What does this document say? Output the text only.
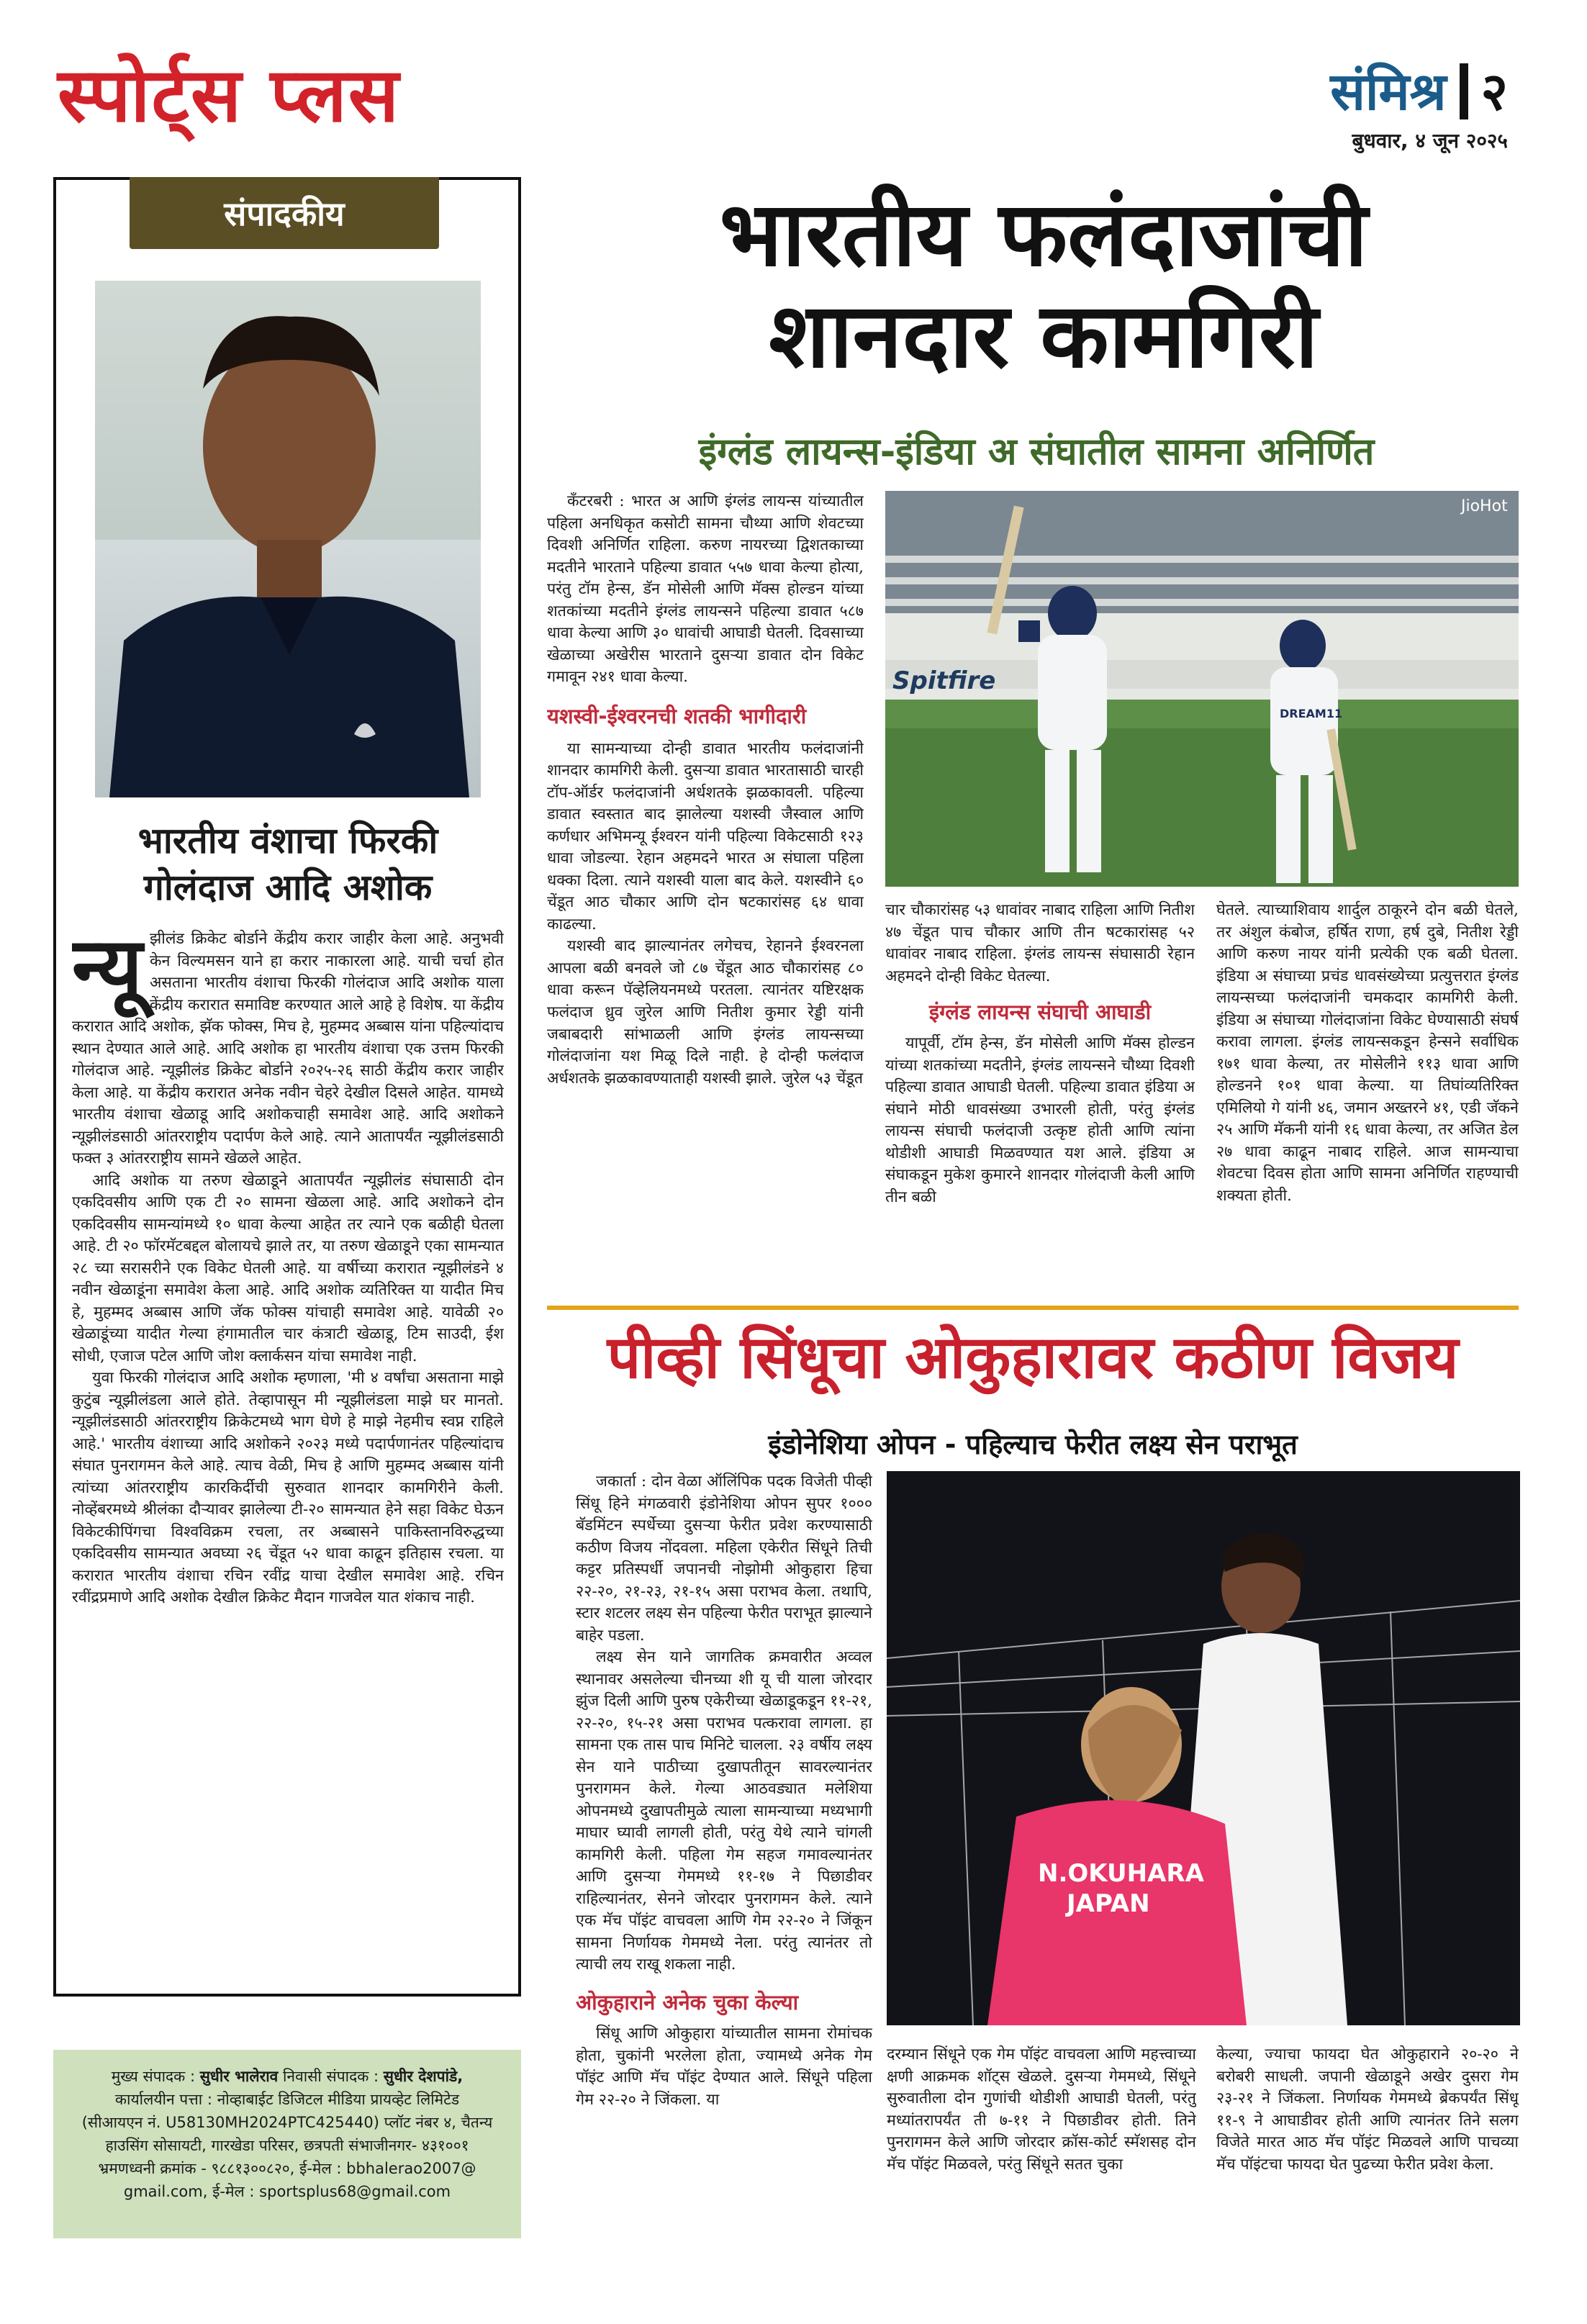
स्पोर्ट्स प्लस	संमिश्र २
बुधवार, ४ जून २०२५
संपादकीय
भारतीय वंशाचा फिरकी
गोलंदाज आदि अशोक

न्यू झीलंड क्रिकेट बोर्डाने केंद्रीय करार जाहीर केला आहे. अनुभवी केन विल्यमसन याने हा करार नाकारला आहे. याची चर्चा होत असताना भारतीय वंशाचा फिरकी गोलंदाज आदि अशोक याला केंद्रीय करारात समाविष्ट करण्यात आले आहे हे विशेष. या केंद्रीय करारात आदि अशोक, झॅक फोक्स, मिच हे, मुहम्मद अब्बास यांना पहिल्यांदाच स्थान देण्यात आले आहे. आदि अशोक हा भारतीय वंशाचा एक उत्तम फिरकी गोलंदाज आहे. न्यूझीलंड क्रिकेट बोर्डाने २०२५-२६ साठी केंद्रीय करार जाहीर केला आहे. या केंद्रीय करारात अनेक नवीन चेहरे देखील दिसले आहेत. यामध्ये भारतीय वंशाचा खेळाडू आदि अशोकचाही समावेश आहे. आदि अशोकने न्यूझीलंडसाठी आंतरराष्ट्रीय पदार्पण केले आहे. त्याने आतापर्यंत न्यूझीलंडसाठी फक्त ३ आंतरराष्ट्रीय सामने खेळले आहेत.

आदि अशोक या तरुण खेळाडूने आतापर्यंत न्यूझीलंड संघासाठी दोन एकदिवसीय आणि एक टी २० सामना खेळला आहे. आदि अशोकने दोन एकदिवसीय सामन्यांमध्ये १० धावा केल्या आहेत तर त्याने एक बळीही घेतला आहे. टी २० फॉरमॅटबद्दल बोलायचे झाले तर, या तरुण खेळाडूने एका सामन्यात २८ च्या सरासरीने एक विकेट घेतली आहे. या वर्षीच्या करारात न्यूझीलंडने ४ नवीन खेळाडूंना समावेश केला आहे. आदि अशोक व्यतिरिक्त या यादीत मिच हे, मुहम्मद अब्बास आणि जॅक फोक्स यांचाही समावेश आहे. यावेळी २० खेळाडूंच्या यादीत गेल्या हंगामातील चार कंत्राटी खेळाडू, टिम साउदी, ईश सोधी, एजाज पटेल आणि जोश क्लार्कसन यांचा समावेश नाही.

युवा फिरकी गोलंदाज आदि अशोक म्हणाला, 'मी ४ वर्षांचा असताना माझे कुटुंब न्यूझीलंडला आले होते. तेव्हापासून मी न्यूझीलंडला माझे घर मानतो. न्यूझीलंडसाठी आंतरराष्ट्रीय क्रिकेटमध्ये भाग घेणे हे माझे नेहमीच स्वप्न राहिले आहे.' भारतीय वंशाच्या आदि अशोकने २०२३ मध्ये पदार्पणानंतर पहिल्यांदाच संघात पुनरागमन केले आहे. त्याच वेळी, मिच हे आणि मुहम्मद अब्बास यांनी त्यांच्या आंतरराष्ट्रीय कारकिर्दीची सुरुवात शानदार कामगिरीने केली. नोव्हेंबरमध्ये श्रीलंका दौऱ्यावर झालेल्या टी-२० सामन्यात हेने सहा विकेट घेऊन विकेटकीपिंगचा विश्वविक्रम रचला, तर अब्बासने पाकिस्तानविरुद्धच्या एकदिवसीय सामन्यात अवघ्या २६ चेंडूत ५२ धावा काढून इतिहास रचला. या करारात भारतीय वंशाचा रचिन रवींद्र याचा देखील समावेश आहे. रचिन रवींद्रप्रमाणे आदि अशोक देखील क्रिकेट मैदान गाजवेल यात शंकाच नाही.

मुख्य संपादक : सुधीर भालेराव निवासी संपादक : सुधीर देशपांडे,
कार्यालयीन पत्ता : नोव्हाबाईट डिजिटल मीडिया प्रायव्हेट लिमिटेड
(सीआयएन नं. U58130MH2024PTC425440) प्लॉट नंबर ४, चैतन्य
हाउसिंग सोसायटी, गारखेडा परिसर, छत्रपती संभाजीनगर- ४३१००१
भ्रमणध्वनी क्रमांक - ९८८१३००८२०, ई-मेल : bbhalerao2007@
gmail.com, ई-मेल : sportsplus68@gmail.com
भारतीय फलंदाजांची
शानदार कामगिरी
इंग्लंड लायन्स-इंडिया अ संघातील सामना अनिर्णित
Spitfire
JioHot
DREAM11

कँटरबरी : भारत अ आणि इंग्लंड लायन्स यांच्यातील पहिला अनधिकृत कसोटी सामना चौथ्या आणि शेवटच्या दिवशी अनिर्णित राहिला. करुण नायरच्या द्विशतकाच्या मदतीने भारताने पहिल्या डावात ५५७ धावा केल्या होत्या, परंतु टॉम हेन्स, डॅन मोसेली आणि मॅक्स होल्डन यांच्या शतकांच्या मदतीने इंग्लंड लायन्सने पहिल्या डावात ५८७ धावा केल्या आणि ३० धावांची आघाडी घेतली. दिवसाच्या खेळाच्या अखेरीस भारताने दुसऱ्या डावात दोन विकेट गमावून २४१ धावा केल्या.

यशस्वी-ईश्वरनची शतकी भागीदारी

या सामन्याच्या दोन्ही डावात भारतीय फलंदाजांनी शानदार कामगिरी केली. दुसऱ्या डावात भारतासाठी चारही टॉप-ऑर्डर फलंदाजांनी अर्धशतके झळकावली. पहिल्या डावात स्वस्तात बाद झालेल्या यशस्वी जैस्वाल आणि कर्णधार अभिमन्यू ईश्वरन यांनी पहिल्या विकेटसाठी १२३ धावा जोडल्या. रेहान अहमदने भारत अ संघाला पहिला धक्का दिला. त्याने यशस्वी याला बाद केले. यशस्वीने ६० चेंडूत आठ चौकार आणि दोन षटकारांसह ६४ धावा काढल्या.

यशस्वी बाद झाल्यानंतर लगेचच, रेहानने ईश्वरनला आपला बळी बनवले जो ८७ चेंडूत आठ चौकारांसह ८० धावा करून पॅव्हेलियनमध्ये परतला. त्यानंतर यष्टिरक्षक फलंदाज ध्रुव जुरेल आणि नितीश कुमार रेड्डी यांनी जबाबदारी सांभाळली आणि इंग्लंड लायन्सच्या गोलंदाजांना यश मिळू दिले नाही. हे दोन्ही फलंदाज अर्धशतके झळकावण्याताही यशस्वी झाले. जुरेल ५३ चेंडूत

चार चौकारांसह ५३ धावांवर नाबाद राहिला आणि नितीश ४७ चेंडूत पाच चौकार आणि तीन षटकारांसह ५२ धावांवर नाबाद राहिला. इंग्लंड लायन्स संघासाठी रेहान अहमदने दोन्ही विकेट घेतल्या.

इंग्लंड लायन्स संघाची आघाडी

यापूर्वी, टॉम हेन्स, डॅन मोसेली आणि मॅक्स होल्डन यांच्या शतकांच्या मदतीने, इंग्लंड लायन्सने चौथ्या दिवशी पहिल्या डावात आघाडी घेतली. पहिल्या डावात इंडिया अ संघाने मोठी धावसंख्या उभारली होती, परंतु इंग्लंड लायन्स संघाची फलंदाजी उत्कृष्ट होती आणि त्यांना थोडीशी आघाडी मिळवण्यात यश आले. इंडिया अ संघाकडून मुकेश कुमारने शानदार गोलंदाजी केली आणि तीन बळी

घेतले. त्याच्याशिवाय शार्दुल ठाकूरने दोन बळी घेतले, तर अंशुल कंबोज, हर्षित राणा, हर्ष दुबे, नितीश रेड्डी आणि करुण नायर यांनी प्रत्येकी एक बळी घेतला. इंडिया अ संघाच्या प्रचंड धावसंख्येच्या प्रत्युत्तरात इंग्लंड लायन्सच्या फलंदाजांनी चमकदार कामगिरी केली. इंडिया अ संघाच्या गोलंदाजांना विकेट घेण्यासाठी संघर्ष करावा लागला. इंग्लंड लायन्सकडून हेन्सने सर्वाधिक १७१ धावा केल्या, तर मोसेलीने ११३ धावा आणि होल्डनने १०१ धावा केल्या. या तिघांव्यतिरिक्त एमिलियो गे यांनी ४६, जमान अख्तरने ४१, एडी जॅकने २५ आणि मॅकनी यांनी १६ धावा केल्या, तर अजित डेल २७ धावा काढून नाबाद राहिले. आज सामन्याचा शेवटचा दिवस होता आणि सामना अनिर्णित राहण्याची शक्यता होती.

पीव्ही सिंधूचा ओकुहारावर कठीण विजय
इंडोनेशिया ओपन - पहिल्याच फेरीत लक्ष्य सेन पराभूत
N.OKUHARA
JAPAN

जकार्ता : दोन वेळा ऑलिंपिक पदक विजेती पीव्ही सिंधू हिने मंगळवारी इंडोनेशिया ओपन सुपर १००० बॅडमिंटन स्पर्धेच्या दुसऱ्या फेरीत प्रवेश करण्यासाठी कठीण विजय नोंदवला. महिला एकेरीत सिंधूने तिची कट्टर प्रतिस्पर्धी जपानची नोझोमी ओकुहारा हिचा २२-२०, २१-२३, २१-१५ असा पराभव केला. तथापि, स्टार शटलर लक्ष्य सेन पहिल्या फेरीत पराभूत झाल्याने बाहेर पडला.

लक्ष्य सेन याने जागतिक क्रमवारीत अव्वल स्थानावर असलेल्या चीनच्या शी यू ची याला जोरदार झुंज दिली आणि पुरुष एकेरीच्या खेळाडूकडून ११-२१, २२-२०, १५-२१ असा पराभव पत्करावा लागला. हा सामना एक तास पाच मिनिटे चालला. २३ वर्षीय लक्ष्य सेन याने पाठीच्या दुखापतीतून सावरल्यानंतर पुनरागमन केले. गेल्या आठवड्यात मलेशिया ओपनमध्ये दुखापतीमुळे त्याला सामन्याच्या मध्यभागी माघार घ्यावी लागली होती, परंतु येथे त्याने चांगली कामगिरी केली. पहिला गेम सहज गमावल्यानंतर आणि दुसऱ्या गेममध्ये ११-१७ ने पिछाडीवर राहिल्यानंतर, सेनने जोरदार पुनरागमन केले. त्याने एक मॅच पॉइंट वाचवला आणि गेम २२-२० ने जिंकून सामना निर्णायक गेममध्ये नेला. परंतु त्यानंतर तो त्याची लय राखू शकला नाही.

ओकुहाराने अनेक चुका केल्या

सिंधू आणि ओकुहारा यांच्यातील सामना रोमांचक होता, चुकांनी भरलेला होता, ज्यामध्ये अनेक गेम पॉइंट आणि मॅच पॉइंट देण्यात आले. सिंधूने पहिला गेम २२-२० ने जिंकला. या

दरम्यान सिंधूने एक गेम पॉइंट वाचवला आणि महत्त्वाच्या क्षणी आक्रमक शॉट्स खेळले. दुसऱ्या गेममध्ये, सिंधूने सुरुवातीला दोन गुणांची थोडीशी आघाडी घेतली, परंतु मध्यांतरापर्यंत ती ७-११ ने पिछाडीवर होती. तिने पुनरागमन केले आणि जोरदार क्रॉस-कोर्ट स्मॅशसह दोन मॅच पॉइंट मिळवले, परंतु सिंधूने सतत चुका

केल्या, ज्याचा फायदा घेत ओकुहाराने २०-२० ने बरोबरी साधली. जपानी खेळाडूने अखेर दुसरा गेम २३-२१ ने जिंकला. निर्णायक गेममध्ये ब्रेकपर्यंत सिंधू ११-९ ने आघाडीवर होती आणि त्यानंतर तिने सलग विजेते मारत आठ मॅच पॉइंट मिळवले आणि पाचव्या मॅच पॉइंटचा फायदा घेत पुढच्या फेरीत प्रवेश केला.
